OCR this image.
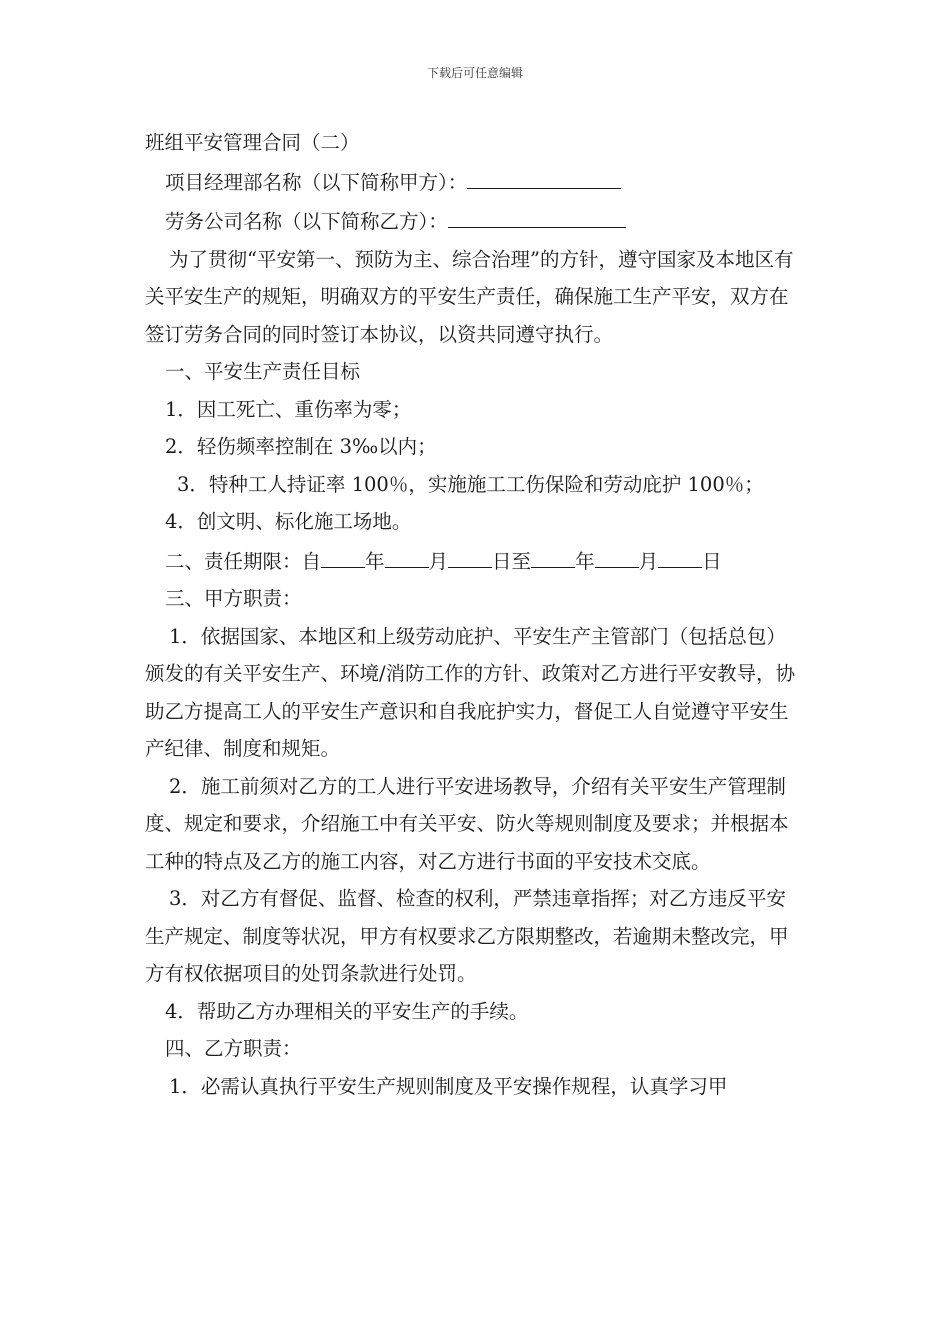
下载后可任意编辑

班组平安管理合同（二）

项目经理部名称（以下简称甲方）：

劳务公司名称（以下简称乙方）：

为了贯彻“平安第一、预防为主、综合治理”的方针，遵守国家及本地区有关平安生产的规矩，明确双方的平安生产责任，确保施工生产平安，双方在签订劳务合同的同时签订本协议，以资共同遵守执行。

一、平安生产责任目标

1．因工死亡、重伤率为零；

2．轻伤频率控制在 3‰以内；

3．特种工人持证率 100％，实施施工工伤保险和劳动庇护 100％；

4．创文明、标化施工场地。

二、责任期限：自 年 月 日至 年 月 日

三、甲方职责：

1．依据国家、本地区和上级劳动庇护、平安生产主管部门（包括总包）颁发的有关平安生产、环境/消防工作的方针、政策对乙方进行平安教导，协助乙方提高工人的平安生产意识和自我庇护实力，督促工人自觉遵守平安生产纪律、制度和规矩。

2．施工前须对乙方的工人进行平安进场教导，介绍有关平安生产管理制度、规定和要求，介绍施工中有关平安、防火等规则制度及要求；并根据本工种的特点及乙方的施工内容，对乙方进行书面的平安技术交底。

3．对乙方有督促、监督、检查的权利，严禁违章指挥；对乙方违反平安生产规定、制度等状况，甲方有权要求乙方限期整改，若逾期未整改完，甲方有权依据项目的处罚条款进行处罚。

4．帮助乙方办理相关的平安生产的手续。

四、乙方职责：

1．必需认真执行平安生产规则制度及平安操作规程，认真学习甲
